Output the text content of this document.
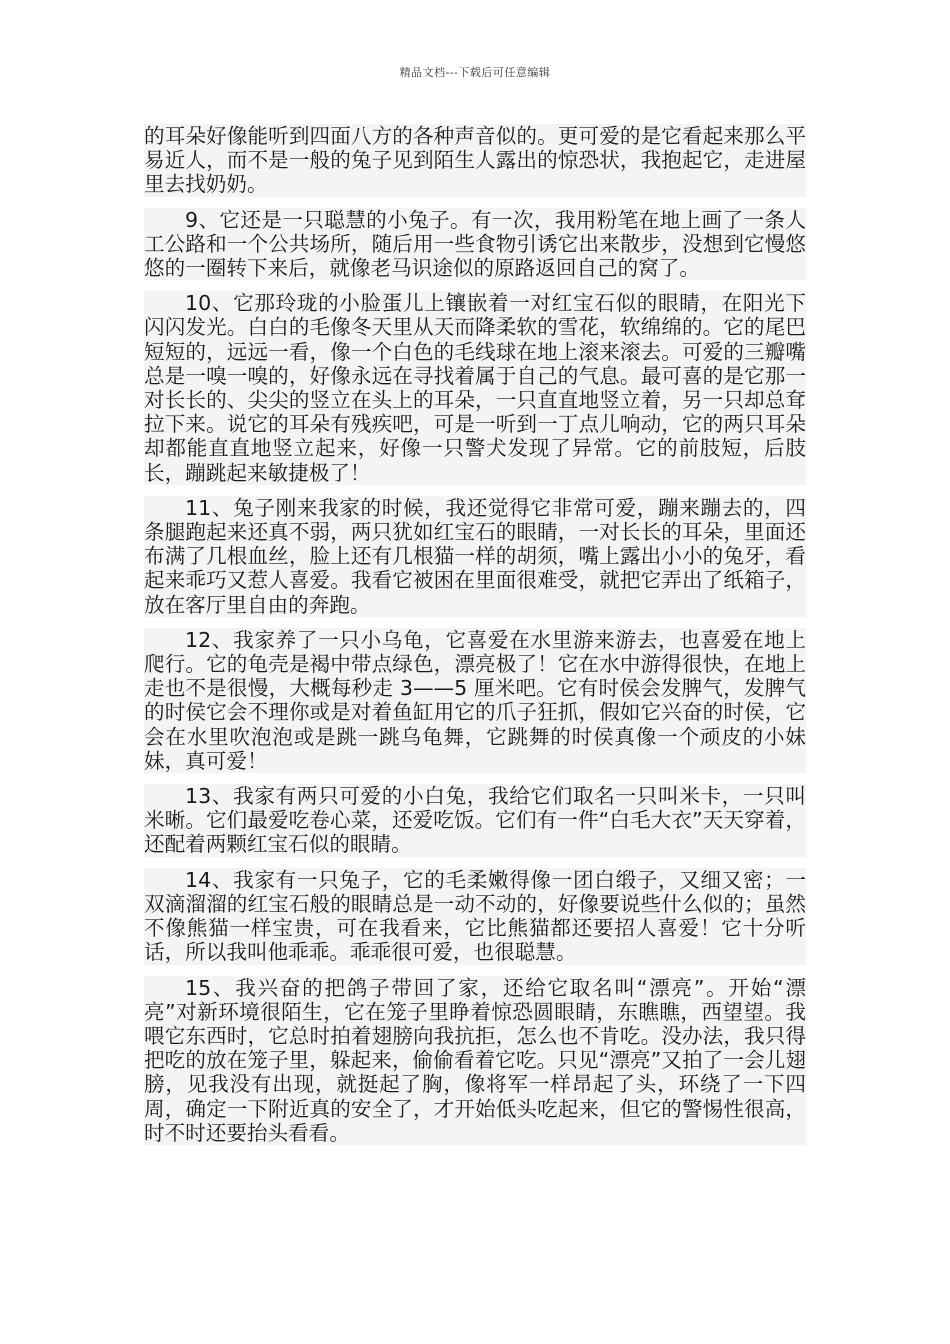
精品文档---下载后可任意编辑

的耳朵好像能听到四面八方的各种声音似的。更可爱的是它看起来那么平易近人，而不是一般的兔子见到陌生人露出的惊恐状，我抱起它，走进屋里去找奶奶。

9、它还是一只聪慧的小兔子。有一次，我用粉笔在地上画了一条人工公路和一个公共场所，随后用一些食物引诱它出来散步，没想到它慢悠悠的一圈转下来后，就像老马识途似的原路返回自己的窝了。

10、它那玲珑的小脸蛋儿上镶嵌着一对红宝石似的眼睛，在阳光下闪闪发光。白白的毛像冬天里从天而降柔软的雪花，软绵绵的。它的尾巴短短的，远远一看，像一个白色的毛线球在地上滚来滚去。可爱的三瓣嘴总是一嗅一嗅的，好像永远在寻找着属于自己的气息。最可喜的是它那一对长长的、尖尖的竖立在头上的耳朵，一只直直地竖立着，另一只却总耷拉下来。说它的耳朵有残疾吧，可是一听到一丁点儿响动，它的两只耳朵却都能直直地竖立起来，好像一只警犬发现了异常。它的前肢短，后肢长，蹦跳起来敏捷极了！

11、兔子刚来我家的时候，我还觉得它非常可爱，蹦来蹦去的，四条腿跑起来还真不弱，两只犹如红宝石的眼睛，一对长长的耳朵，里面还布满了几根血丝，脸上还有几根猫一样的胡须，嘴上露出小小的兔牙，看起来乖巧又惹人喜爱。我看它被困在里面很难受，就把它弄出了纸箱子，放在客厅里自由的奔跑。

12、我家养了一只小乌龟，它喜爱在水里游来游去，也喜爱在地上爬行。它的龟壳是褐中带点绿色，漂亮极了！它在水中游得很快，在地上走也不是很慢，大概每秒走 3——5 厘米吧。它有时侯会发脾气，发脾气的时侯它会不理你或是对着鱼缸用它的爪子狂抓，假如它兴奋的时侯，它会在水里吹泡泡或是跳一跳乌龟舞，它跳舞的时侯真像一个顽皮的小妹妹，真可爱！

13、我家有两只可爱的小白兔，我给它们取名一只叫米卡，一只叫米晰。它们最爱吃卷心菜，还爱吃饭。它们有一件“白毛大衣”天天穿着，还配着两颗红宝石似的眼睛。

14、我家有一只兔子，它的毛柔嫩得像一团白缎子，又细又密；一双滴溜溜的红宝石般的眼睛总是一动不动的，好像要说些什么似的；虽然不像熊猫一样宝贵，可在我看来，它比熊猫都还要招人喜爱！它十分听话，所以我叫他乖乖。乖乖很可爱，也很聪慧。

15、我兴奋的把鸽子带回了家，还给它取名叫“漂亮”。开始“漂亮”对新环境很陌生，它在笼子里睁着惊恐圆眼睛，东瞧瞧，西望望。我喂它东西时，它总时拍着翅膀向我抗拒，怎么也不肯吃。没办法，我只得把吃的放在笼子里，躲起来，偷偷看着它吃。只见“漂亮”又拍了一会儿翅膀，见我没有出现，就挺起了胸，像将军一样昂起了头，环绕了一下四周，确定一下附近真的安全了，才开始低头吃起来，但它的警惕性很高，时不时还要抬头看看。
